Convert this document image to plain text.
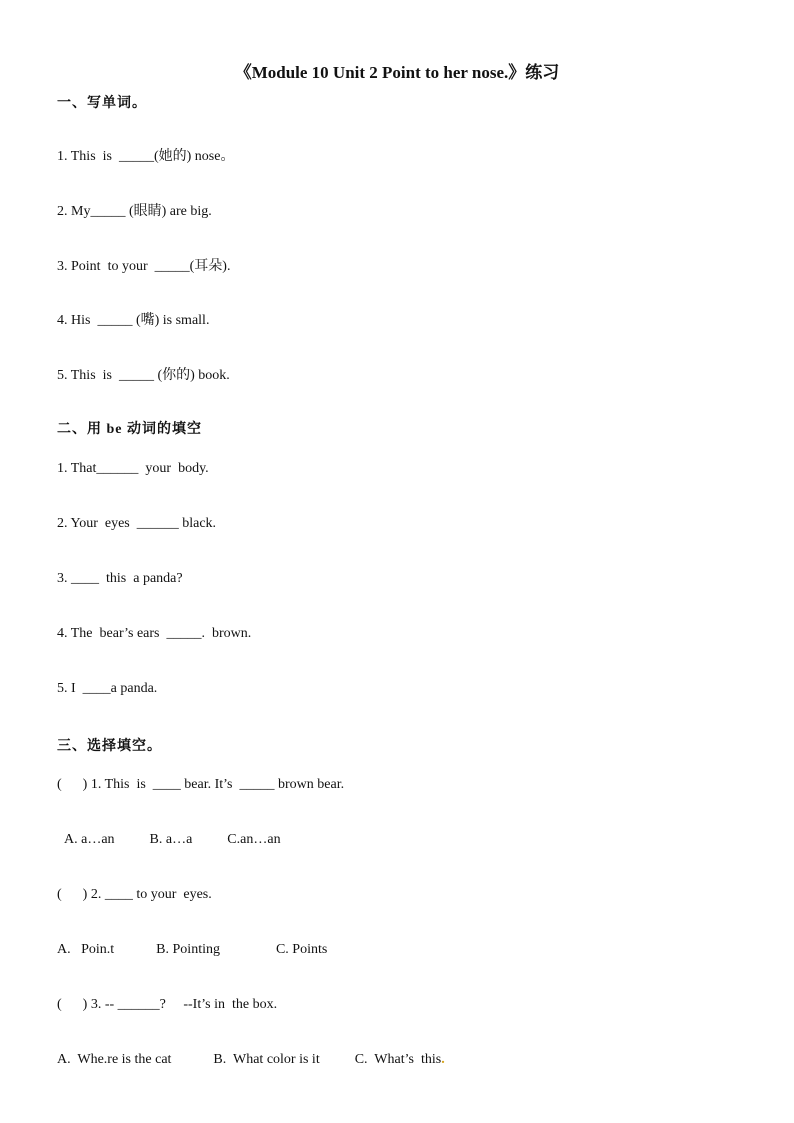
《Module 10 Unit 2 Point to her nose.》练习
一、写单词。
1. This  is  _____(她的) nose。
2. My_____ (眼睛) are big.
3. Point  to your  _____(耳朵).
4. His  _____ (嘴) is small.
5. This  is  _____ (你的) book.
二、用 be 动词的填空
1. That______  your  body.
2. Your  eyes  ______ black.
3. ____  this  a panda?
4. The  bear’s ears  _____.  brown.
5. I  ____a panda.
三、选择填空。
(      ) 1. This  is  ____ bear. It’s  _____ brown bear.
A. a…an          B. a…a          C.an…an
(      ) 2. ____ to your  eyes.
A.   Poin.t            B. Pointing                C. Points
(      ) 3. -- ______?     --It’s in  the box.
A.  Whe.re is the cat            B.  What color is it          C.  What’s  this.
